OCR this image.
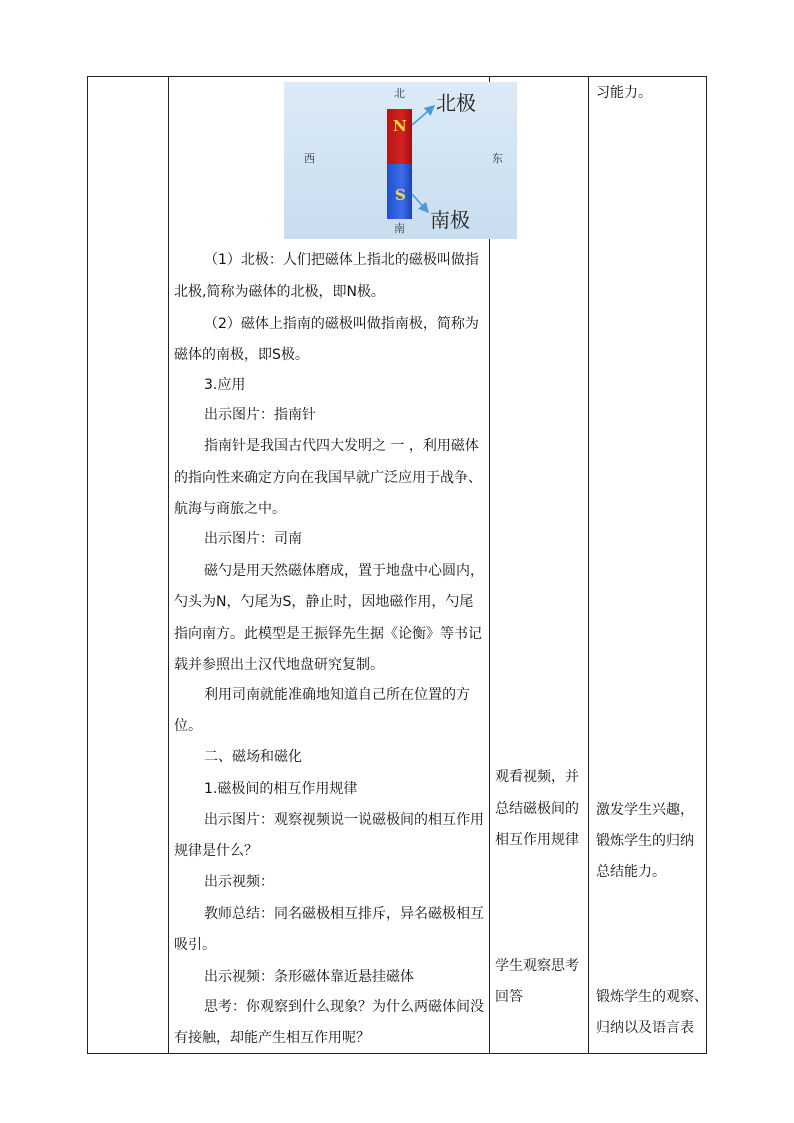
北
南
西	东
北极
南极
N
S
（1）北极：人们把磁体上指北的磁极叫做指
北极,简称为磁体的北极，即N极。
（2）磁体上指南的磁极叫做指南极，简称为
磁体的南极，即S极。
3.应用
出示图片：指南针
指南针是我国古代四大发明之 一 ，利用磁体
的指向性来确定方向在我国早就广泛应用于战争、
航海与商旅之中。
出示图片：司南
磁勺是用天然磁体磨成，置于地盘中心圆内，
勺头为N，勺尾为S，静止时，因地磁作用，勺尾
指向南方。此模型是王振铎先生据《论衡》等书记
载并参照出土汉代地盘研究复制。
利用司南就能准确地知道自己所在位置的方
位。
二、磁场和磁化
1.磁极间的相互作用规律
出示图片：观察视频说一说磁极间的相互作用
规律是什么？
出示视频：
教师总结：同名磁极相互排斥，异名磁极相互
吸引。
出示视频：条形磁体靠近悬挂磁体
思考：你观察到什么现象？为什么两磁体间没
有接触，却能产生相互作用呢？
观看视频，并
总结磁极间的
相互作用规律
学生观察思考
回答
习能力。
激发学生兴趣，
锻炼学生的归纳
总结能力。
锻炼学生的观察、
归纳以及语言表
